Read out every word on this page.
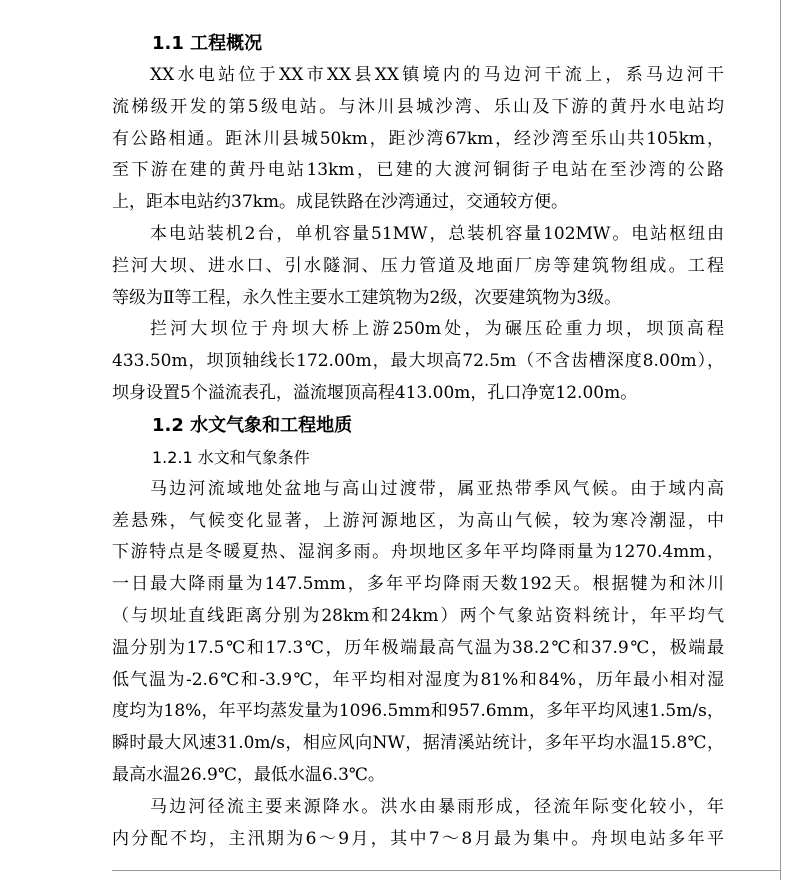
1.1 工程概况
XX水电站位于XX市XX县XX镇境内的马边河干流上，系马边河干
流梯级开发的第5级电站。与沐川县城沙湾、乐山及下游的黄丹水电站均
有公路相通。距沐川县城50km，距沙湾67km，经沙湾至乐山共105km，
至下游在建的黄丹电站13km，已建的大渡河铜街子电站在至沙湾的公路
上，距本电站约37km。成昆铁路在沙湾通过，交通较方便。
本电站装机2台，单机容量51MW，总装机容量102MW。电站枢纽由
拦河大坝、进水口、引水隧洞、压力管道及地面厂房等建筑物组成。工程
等级为Ⅱ等工程，永久性主要水工建筑物为2级，次要建筑物为3级。
拦河大坝位于舟坝大桥上游250m处，为碾压砼重力坝，坝顶高程
433.50m，坝顶轴线长172.00m，最大坝高72.5m（不含齿槽深度8.00m），
坝身设置5个溢流表孔，溢流堰顶高程413.00m，孔口净宽12.00m。
1.2 水文气象和工程地质
1.2.1 水文和气象条件
马边河流域地处盆地与高山过渡带，属亚热带季风气候。由于域内高
差悬殊，气候变化显著，上游河源地区，为高山气候，较为寒冷潮湿，中
下游特点是冬暖夏热、湿润多雨。舟坝地区多年平均降雨量为1270.4mm，
一日最大降雨量为147.5mm，多年平均降雨天数192天。根据犍为和沐川
（与坝址直线距离分别为28km和24km）两个气象站资料统计，年平均气
温分别为17.5℃和17.3℃，历年极端最高气温为38.2℃和37.9℃，极端最
低气温为-2.6℃和-3.9℃，年平均相对湿度为81%和84%，历年最小相对湿
度均为18%，年平均蒸发量为1096.5mm和957.6mm，多年平均风速1.5m/s，
瞬时最大风速31.0m/s，相应风向NW，据清溪站统计，多年平均水温15.8℃，
最高水温26.9℃，最低水温6.3℃。
马边河径流主要来源降水。洪水由暴雨形成，径流年际变化较小，年
内分配不均，主汛期为6～9月，其中7～8月最为集中。舟坝电站多年平
